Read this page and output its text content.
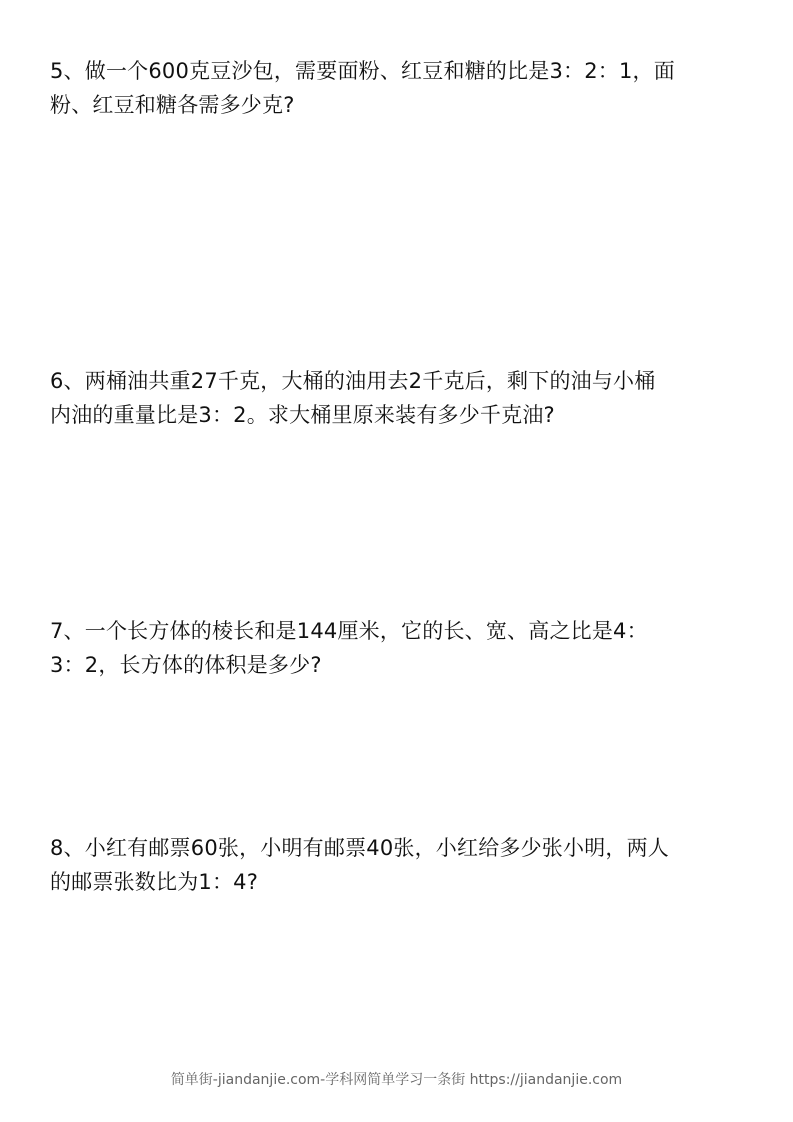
5、做一个600克豆沙包，需要面粉、红豆和糖的比是3：2：1，面
粉、红豆和糖各需多少克?
6、两桶油共重27千克，大桶的油用去2千克后，剩下的油与小桶
内油的重量比是3：2。求大桶里原来装有多少千克油?
7、一个长方体的棱长和是144厘米，它的长、宽、高之比是4：
3：2，长方体的体积是多少?
8、小红有邮票60张，小明有邮票40张，小红给多少张小明，两人
的邮票张数比为1：4?
简单街-jiandanjie.com-学科网简单学习一条街 https://jiandanjie.com
